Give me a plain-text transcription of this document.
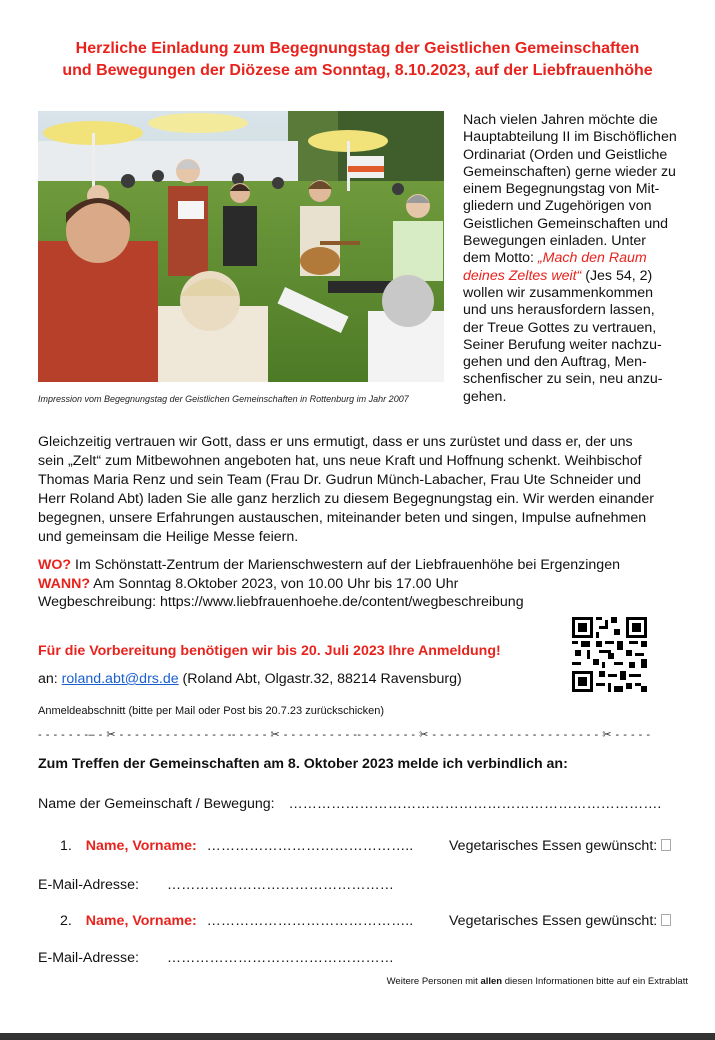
Herzliche Einladung zum Begegnungstag der Geistlichen Gemeinschaften
und Bewegungen der Diözese am Sonntag, 8.10.2023, auf der Liebfrauenhöhe
Impression vom Begegnungstag der Geistlichen Gemeinschaften in Rottenburg im Jahr 2007
Nach vielen Jahren möchte die
Hauptabteilung II im Bischöflichen
Ordinariat (Orden und Geistliche
Gemeinschaften) gerne wieder zu
einem Begegnungstag von Mit-
gliedern und Zugehörigen von
Geistlichen Gemeinschaften und
Bewegungen einladen. Unter
dem Motto: „Mach den Raum
deines Zeltes weit“ (Jes 54, 2)
wollen wir zusammenkommen
und uns herausfordern lassen,
der Treue Gottes zu vertrauen,
Seiner Berufung weiter nachzu-
gehen und den Auftrag, Men-
schenfischer zu sein, neu anzu-
gehen.
Gleichzeitig vertrauen wir Gott, dass er uns ermutigt, dass er uns zurüstet und dass er, der uns
sein „Zelt“ zum Mitbewohnen angeboten hat, uns neue Kraft und Hoffnung schenkt. Weihbischof
Thomas Maria Renz und sein Team (Frau Dr. Gudrun Münch-Labacher, Frau Ute Schneider und
Herr Roland Abt) laden Sie alle ganz herzlich zu diesem Begegnungstag ein. Wir werden einander
begegnen, unsere Erfahrungen austauschen, miteinander beten und singen, Impulse aufnehmen
und gemeinsam die Heilige Messe feiern.
WO? Im Schönstatt-Zentrum der Marienschwestern auf der Liebfrauenhöhe bei Ergenzingen
WANN? Am Sonntag 8.Oktober 2023, von 10.00 Uhr bis 17.00 Uhr
Wegbeschreibung: https://www.liebfrauenhoehe.de/content/wegbeschreibung
Für die Vorbereitung benötigen wir bis 20. Juli 2023 Ihre Anmeldung!
an: roland.abt@drs.de (Roland Abt, Olgastr.32, 88214 Ravensburg)
Anmeldeabschnitt (bitte per Mail oder Post bis 20.7.23 zurückschicken)
- - - - - - -– - ✂ - - - - - - - - - - - - - - -- - - - - ✂ - - - - - - - - - -- - - - - - - - ✂ - - - - - - - - - - - - - - - - - - - - - - ✂ - - - - -
Zum Treffen der Gemeinschaften am 8. Oktober 2023 melde ich verbindlich an:
Name der Gemeinschaft / Bewegung: …………………………………………………………………….
1. Name, Vorname: ……………………………………..	Vegetarisches Essen gewünscht:
E-Mail-Adresse: …………………………………………
2. Name, Vorname: ……………………………………..	Vegetarisches Essen gewünscht:
E-Mail-Adresse: …………………………………………
Weitere Personen mit allen diesen Informationen bitte auf ein Extrablatt
